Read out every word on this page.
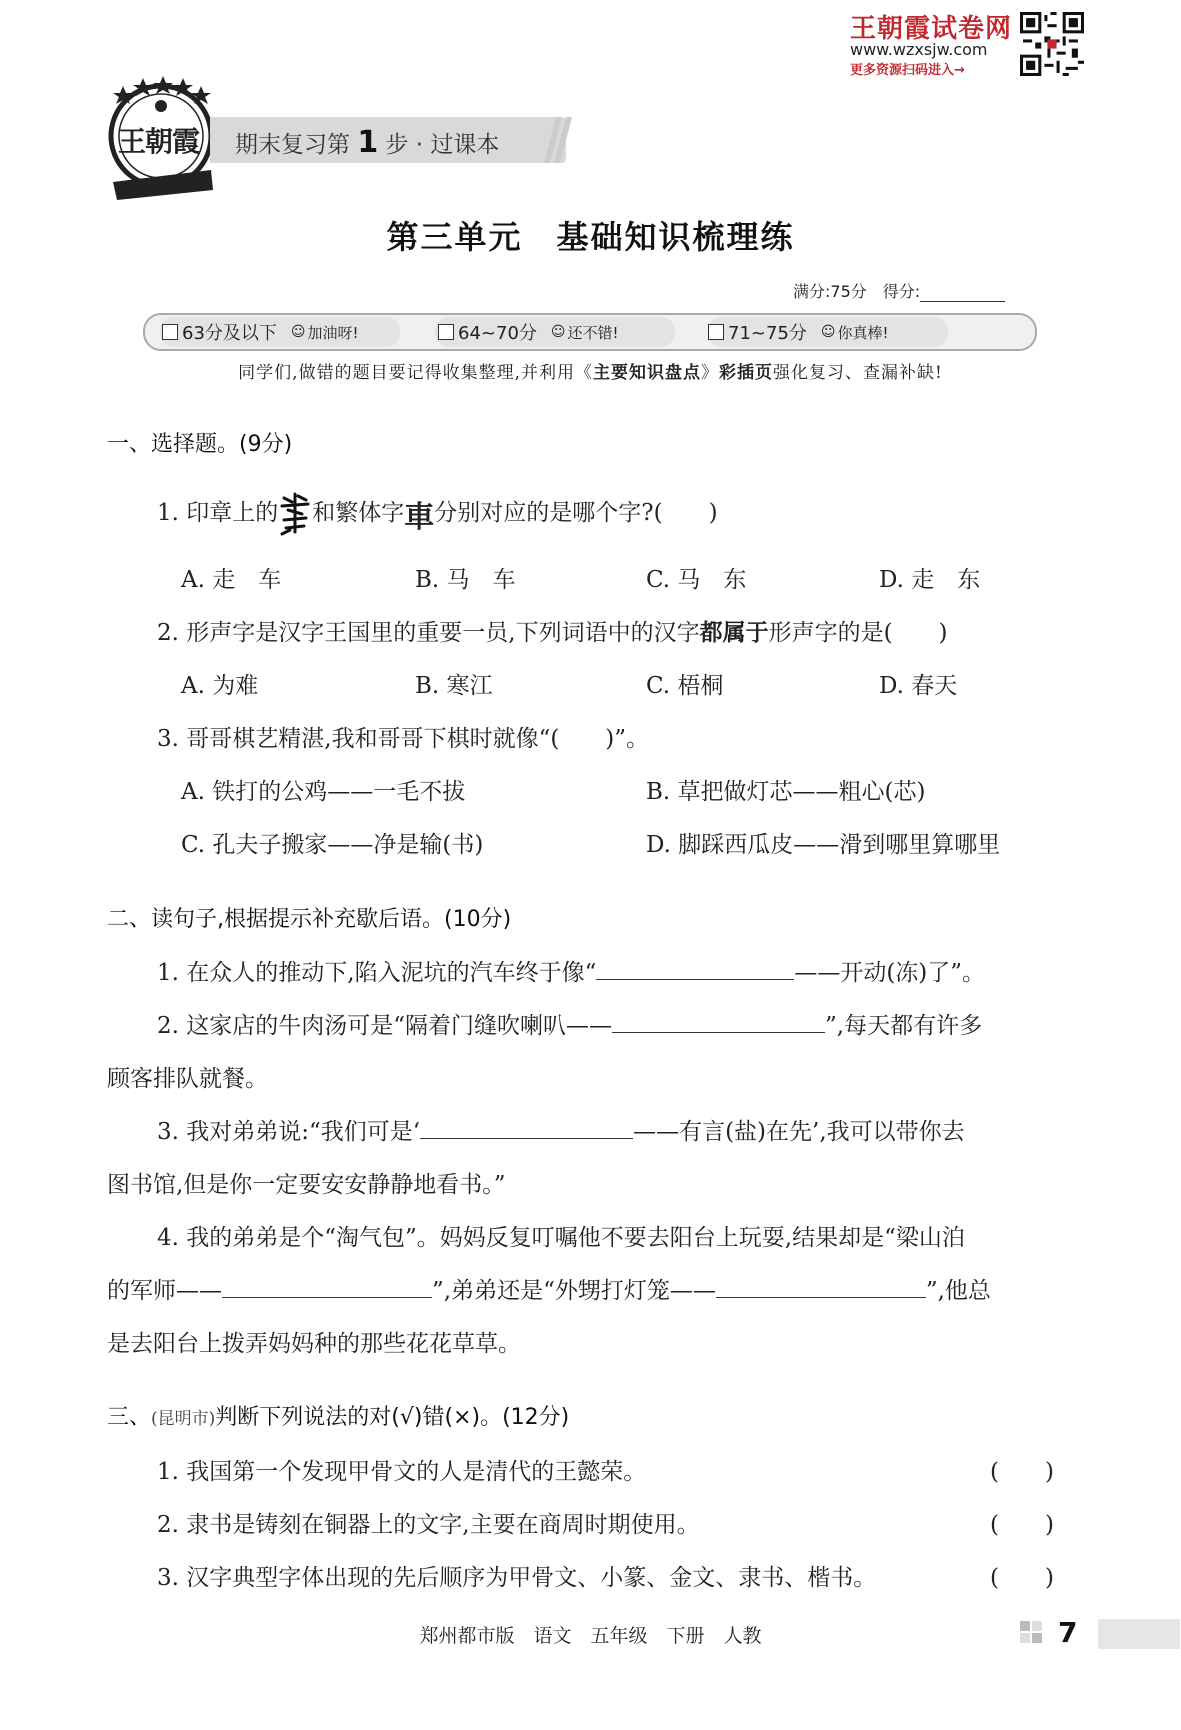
王朝霞试卷网
www.wzxsjw.com
更多资源扫码进入→
王朝霞 期末复习第 1 步 · 过课本
第三单元　基础知识梳理练
满分:75分　 得分:
63分及以下 ☺ 加油呀!	64~70分 ☺ 还不错!	71~75分 ☺ 你真棒!
同学们,做错的题目要记得收集整理,并利用《主要知识盘点》彩插页强化复习、查漏补缺!
一、选择题。(9分)
1. 印章上的 和繁体字車分别对应的是哪个字?(　　)
A. 走　车	B. 马　车	C. 马　东	D. 走　东
2. 形声字是汉字王国里的重要一员,下列词语中的汉字都属于形声字的是(　　)
A. 为难	B. 寒江	C. 梧桐	D. 春天
3. 哥哥棋艺精湛,我和哥哥下棋时就像“(　　)”。
A. 铁打的公鸡——一毛不拔	B. 草把做灯芯——粗心(芯)
C. 孔夫子搬家——净是输(书)	D. 脚踩西瓜皮——滑到哪里算哪里
二、读句子,根据提示补充歇后语。(10分)
1. 在众人的推动下,陷入泥坑的汽车终于像“	——开动(冻)了”。
2. 这家店的牛肉汤可是“隔着门缝吹喇叭——	”,每天都有许多
顾客排队就餐。
3. 我对弟弟说:“我们可是‘	——有言(盐)在先’,我可以带你去
图书馆,但是你一定要安安静静地看书。”
4. 我的弟弟是个“淘气包”。妈妈反复叮嘱他不要去阳台上玩耍,结果却是“梁山泊
的军师——	”,弟弟还是“外甥打灯笼——	”,他总
是去阳台上拨弄妈妈种的那些花花草草。
三、(昆明市)判断下列说法的对(√)错(×)。(12分)
1. 我国第一个发现甲骨文的人是清代的王懿荣。	(　　)
2. 隶书是铸刻在铜器上的文字,主要在商周时期使用。	(　　)
3. 汉字典型字体出现的先后顺序为甲骨文、小篆、金文、隶书、楷书。	(　　)
郑州都市版　语文　五年级　下册　人教	7
